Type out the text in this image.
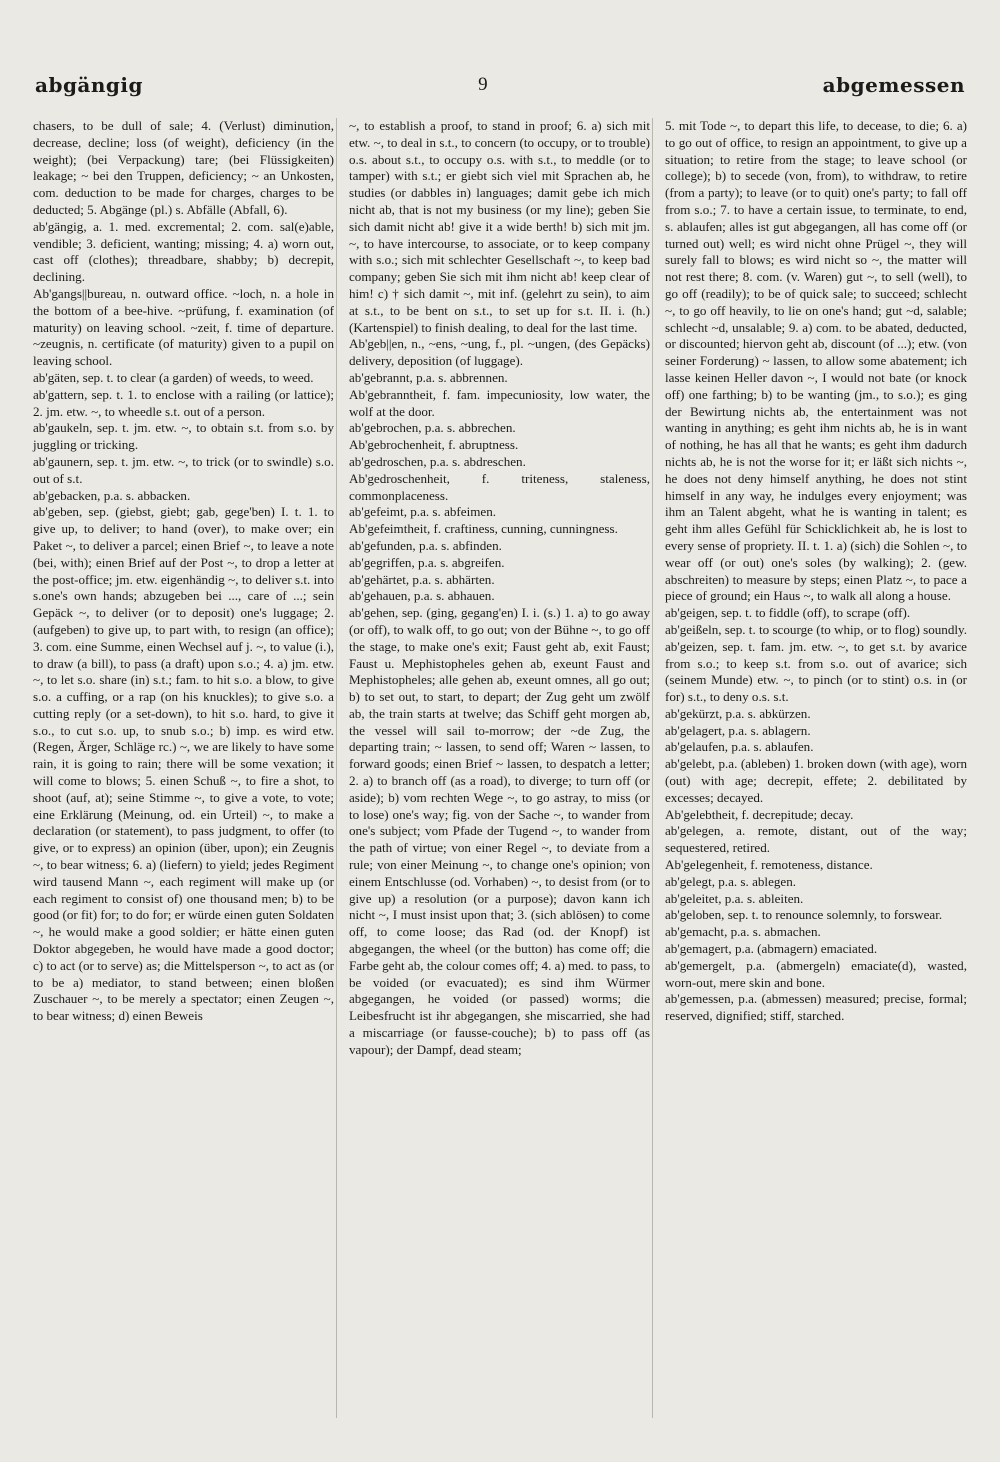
abgängig	9	abgemessen

chasers, to be dull of sale; 4. (Verlust) diminution, decrease, decline; loss (of weight), deficiency (in the weight); (bei Verpackung) tare; (bei Flüssigkeiten) leakage; ~ bei den Truppen, deficiency; ~ an Unkosten, com. deduction to be made for charges, charges to be deducted; 5. Abgänge (pl.) s. Abfälle (Abfall, 6).

ab'gängig, a. 1. med. excremental; 2. com. sal(e)able, vendible; 3. deficient, wanting; missing; 4. a) worn out, cast off (clothes); threadbare, shabby; b) decrepit, declining.

Ab'gangs||bureau, n. outward office. ~loch, n. a hole in the bottom of a bee-hive. ~prüfung, f. examination (of maturity) on leaving school. ~zeit, f. time of departure. ~zeugnis, n. certificate (of maturity) given to a pupil on leaving school.

ab'gäten, sep. t. to clear (a garden) of weeds, to weed.

ab'gattern, sep. t. 1. to enclose with a railing (or lattice); 2. jm. etw. ~, to wheedle s.t. out of a person.

ab'gaukeln, sep. t. jm. etw. ~, to obtain s.t. from s.o. by juggling or tricking.

ab'gaunern, sep. t. jm. etw. ~, to trick (or to swindle) s.o. out of s.t.

ab'gebacken, p.a. s. abbacken.

ab'geben, sep. (giebst, giebt; gab, gege'ben) I. t. 1. to give up, to deliver; to hand (over), to make over; ein Paket ~, to deliver a parcel; einen Brief ~, to leave a note (bei, with); einen Brief auf der Post ~, to drop a letter at the post-office; jm. etw. eigenhändig ~, to deliver s.t. into s.one's own hands; abzugeben bei ..., care of ...; sein Gepäck ~, to deliver (or to deposit) one's luggage; 2. (aufgeben) to give up, to part with, to resign (an office); 3. com. eine Summe, einen Wechsel auf j. ~, to value (i.), to draw (a bill), to pass (a draft) upon s.o.; 4. a) jm. etw. ~, to let s.o. share (in) s.t.; fam. to hit s.o. a blow, to give s.o. a cuffing, or a rap (on his knuckles); to give s.o. a cutting reply (or a set-down), to hit s.o. hard, to give it s.o., to cut s.o. up, to snub s.o.; b) imp. es wird etw. (Regen, Ärger, Schläge rc.) ~, we are likely to have some rain, it is going to rain; there will be some vexation; it will come to blows; 5. einen Schuß ~, to fire a shot, to shoot (auf, at); seine Stimme ~, to give a vote, to vote; eine Erklärung (Meinung, od. ein Urteil) ~, to make a declaration (or statement), to pass judgment, to offer (to give, or to express) an opinion (über, upon); ein Zeugnis ~, to bear witness; 6. a) (liefern) to yield; jedes Regiment wird tausend Mann ~, each regiment will make up (or each regiment to consist of) one thousand men; b) to be good (or fit) for; to do for; er würde einen guten Soldaten ~, he would make a good soldier; er hätte einen guten Doktor abgegeben, he would have made a good doctor; c) to act (or to serve) as; die Mittelsperson ~, to act as (or to be a) mediator, to stand between; einen bloßen Zuschauer ~, to be merely a spectator; einen Zeugen ~, to bear witness; d) einen Beweis

~, to establish a proof, to stand in proof; 6. a) sich mit etw. ~, to deal in s.t., to concern (to occupy, or to trouble) o.s. about s.t., to occupy o.s. with s.t., to meddle (or to tamper) with s.t.; er giebt sich viel mit Sprachen ab, he studies (or dabbles in) languages; damit gebe ich mich nicht ab, that is not my business (or my line); geben Sie sich damit nicht ab! give it a wide berth! b) sich mit jm. ~, to have intercourse, to associate, or to keep company with s.o.; sich mit schlechter Gesellschaft ~, to keep bad company; geben Sie sich mit ihm nicht ab! keep clear of him! c) † sich damit ~, mit inf. (gelehrt zu sein), to aim at s.t., to be bent on s.t., to set up for s.t. II. i. (h.) (Kartenspiel) to finish dealing, to deal for the last time.

Ab'geb||en, n., ~ens, ~ung, f., pl. ~ungen, (des Gepäcks) delivery, deposition (of luggage).

ab'gebrannt, p.a. s. abbrennen.

Ab'gebranntheit, f. fam. impecuniosity, low water, the wolf at the door.

ab'gebrochen, p.a. s. abbrechen.

Ab'gebrochenheit, f. abruptness.

ab'gedroschen, p.a. s. abdreschen.

Ab'gedroschenheit, f. triteness, staleness, commonplaceness.

ab'gefeimt, p.a. s. abfeimen.

Ab'gefeimtheit, f. craftiness, cunning, cunningness.

ab'gefunden, p.a. s. abfinden.

ab'gegriffen, p.a. s. abgreifen.

ab'gehärtet, p.a. s. abhärten.

ab'gehauen, p.a. s. abhauen.

ab'gehen, sep. (ging, gegang'en) I. i. (s.) 1. a) to go away (or off), to walk off, to go out; von der Bühne ~, to go off the stage, to make one's exit; Faust geht ab, exit Faust; Faust u. Mephistopheles gehen ab, exeunt Faust and Mephistopheles; alle gehen ab, exeunt omnes, all go out; b) to set out, to start, to depart; der Zug geht um zwölf ab, the train starts at twelve; das Schiff geht morgen ab, the vessel will sail to-morrow; der ~de Zug, the departing train; ~ lassen, to send off; Waren ~ lassen, to forward goods; einen Brief ~ lassen, to despatch a letter; 2. a) to branch off (as a road), to diverge; to turn off (or aside); b) vom rechten Wege ~, to go astray, to miss (or to lose) one's way; fig. von der Sache ~, to wander from one's subject; vom Pfade der Tugend ~, to wander from the path of virtue; von einer Regel ~, to deviate from a rule; von einer Meinung ~, to change one's opinion; von einem Entschlusse (od. Vorhaben) ~, to desist from (or to give up) a resolution (or a purpose); davon kann ich nicht ~, I must insist upon that; 3. (sich ablösen) to come off, to come loose; das Rad (od. der Knopf) ist abgegangen, the wheel (or the button) has come off; die Farbe geht ab, the colour comes off; 4. a) med. to pass, to be voided (or evacuated); es sind ihm Würmer abgegangen, he voided (or passed) worms; die Leibesfrucht ist ihr abgegangen, she miscarried, she had a miscarriage (or fausse-couche); b) to pass off (as vapour); der Dampf, dead steam;

5. mit Tode ~, to depart this life, to decease, to die; 6. a) to go out of office, to resign an appointment, to give up a situation; to retire from the stage; to leave school (or college); b) to secede (von, from), to withdraw, to retire (from a party); to leave (or to quit) one's party; to fall off from s.o.; 7. to have a certain issue, to terminate, to end, s. ablaufen; alles ist gut abgegangen, all has come off (or turned out) well; es wird nicht ohne Prügel ~, they will surely fall to blows; es wird nicht so ~, the matter will not rest there; 8. com. (v. Waren) gut ~, to sell (well), to go off (readily); to be of quick sale; to succeed; schlecht ~, to go off heavily, to lie on one's hand; gut ~d, salable; schlecht ~d, unsalable; 9. a) com. to be abated, deducted, or discounted; hiervon geht ab, discount (of ...); etw. (von seiner Forderung) ~ lassen, to allow some abatement; ich lasse keinen Heller davon ~, I would not bate (or knock off) one farthing; b) to be wanting (jm., to s.o.); es ging der Bewirtung nichts ab, the entertainment was not wanting in anything; es geht ihm nichts ab, he is in want of nothing, he has all that he wants; es geht ihm dadurch nichts ab, he is not the worse for it; er läßt sich nichts ~, he does not deny himself anything, he does not stint himself in any way, he indulges every enjoyment; was ihm an Talent abgeht, what he is wanting in talent; es geht ihm alles Gefühl für Schicklichkeit ab, he is lost to every sense of propriety. II. t. 1. a) (sich) die Sohlen ~, to wear off (or out) one's soles (by walking); 2. (gew. abschreiten) to measure by steps; einen Platz ~, to pace a piece of ground; ein Haus ~, to walk all along a house.

ab'geigen, sep. t. to fiddle (off), to scrape (off).

ab'geißeln, sep. t. to scourge (to whip, or to flog) soundly.

ab'geizen, sep. t. fam. jm. etw. ~, to get s.t. by avarice from s.o.; to keep s.t. from s.o. out of avarice; sich (seinem Munde) etw. ~, to pinch (or to stint) o.s. in (or for) s.t., to deny o.s. s.t.

ab'gekürzt, p.a. s. abkürzen.

ab'gelagert, p.a. s. ablagern.

ab'gelaufen, p.a. s. ablaufen.

ab'gelebt, p.a. (ableben) 1. broken down (with age), worn (out) with age; decrepit, effete; 2. debilitated by excesses; decayed.

Ab'gelebtheit, f. decrepitude; decay.

ab'gelegen, a. remote, distant, out of the way; sequestered, retired.

Ab'gelegenheit, f. remoteness, distance.

ab'gelegt, p.a. s. ablegen.

ab'geleitet, p.a. s. ableiten.

ab'geloben, sep. t. to renounce solemnly, to forswear.

ab'gemacht, p.a. s. abmachen.

ab'gemagert, p.a. (abmagern) emaciated.

ab'gemergelt, p.a. (abmergeln) emaciate(d), wasted, worn-out, mere skin and bone.

ab'gemessen, p.a. (abmessen) measured; precise, formal; reserved, dignified; stiff, starched.
